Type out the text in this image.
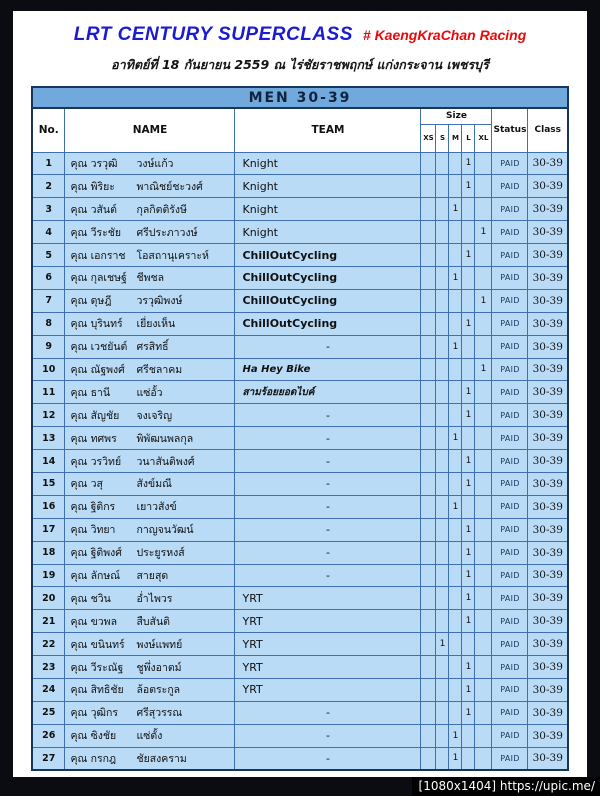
LRT CENTURY SUPERCLASS # KaengKraChan Racing
อาทิตย์ที่ 18 กันยายน 2559 ณ ไร่ชัยราชพฤกษ์ แก่งกระจาน เพชรบุรี
MEN 30-39									
No.	NAME	TEAM	Size					Status	Class
			XS	S	M	L	XL		
1	คุณ วรวุฒิ วงษ์แก้ว	Knight				1		PAID	30-39
2	คุณ พิริยะ พาณิชย์ชะวงศ์	Knight				1		PAID	30-39
3	คุณ วสันต์ กุลกิตติรังษี	Knight			1			PAID	30-39
4	คุณ วีระชัย ศรีประภาวงษ์	Knight					1	PAID	30-39
5	คุณ เอกราช โอสถานุเคราะห์	ChillOutCycling				1		PAID	30-39
6	คุณ กุลเชษฐ์ ชีพชล	ChillOutCycling			1			PAID	30-39
7	คุณ ดุษฎี วรวุฒิพงษ์	ChillOutCycling					1	PAID	30-39
8	คุณ บุรินทร์ เยี่ยงเห็น	ChillOutCycling				1		PAID	30-39
9	คุณ เวชยันต์ ศรสิทธิ์	-			1			PAID	30-39
10	คุณ ณัฐพงศ์ ศรีชลาคม	Ha Hey Bike					1	PAID	30-39
11	คุณ ธานี แซ่อั้ว	สามร้อยยอดไบค์				1		PAID	30-39
12	คุณ สัญชัย จงเจริญ	-				1		PAID	30-39
13	คุณ ทศพร พิพัฒนพลกุล	-			1			PAID	30-39
14	คุณ วรวิทย์ วนาสันติพงศ์	-				1		PAID	30-39
15	คุณ วสุ สังข์มณี	-				1		PAID	30-39
16	คุณ ฐิติกร เยาวสังข์	-			1			PAID	30-39
17	คุณ วิทยา กาญจนวัฒน์	-				1		PAID	30-39
18	คุณ ฐิติพงศ์ ประยูรหงส์	-				1		PAID	30-39
19	คุณ ลักษณ์ สายสุด	-				1		PAID	30-39
20	คุณ ชวิน อ่ำไพวร	YRT				1		PAID	30-39
21	คุณ ขวพล สืบสันติ	YRT				1		PAID	30-39
22	คุณ ขนินทร์ พงษ์แพทย์	YRT		1				PAID	30-39
23	คุณ วีระณัฐ ชูพึ่งอาตม์	YRT				1		PAID	30-39
24	คุณ สิทธิชัย ล้อตระกูล	YRT				1		PAID	30-39
25	คุณ วุฒิกร ศรีสุวรรณ	-				1		PAID	30-39
26	คุณ ซิงชัย แซ่ตั้ง	-			1			PAID	30-39
27	คุณ กรกฎ ชัยสงคราม	-			1			PAID	30-39
[1080x1404] https://upic.me/
